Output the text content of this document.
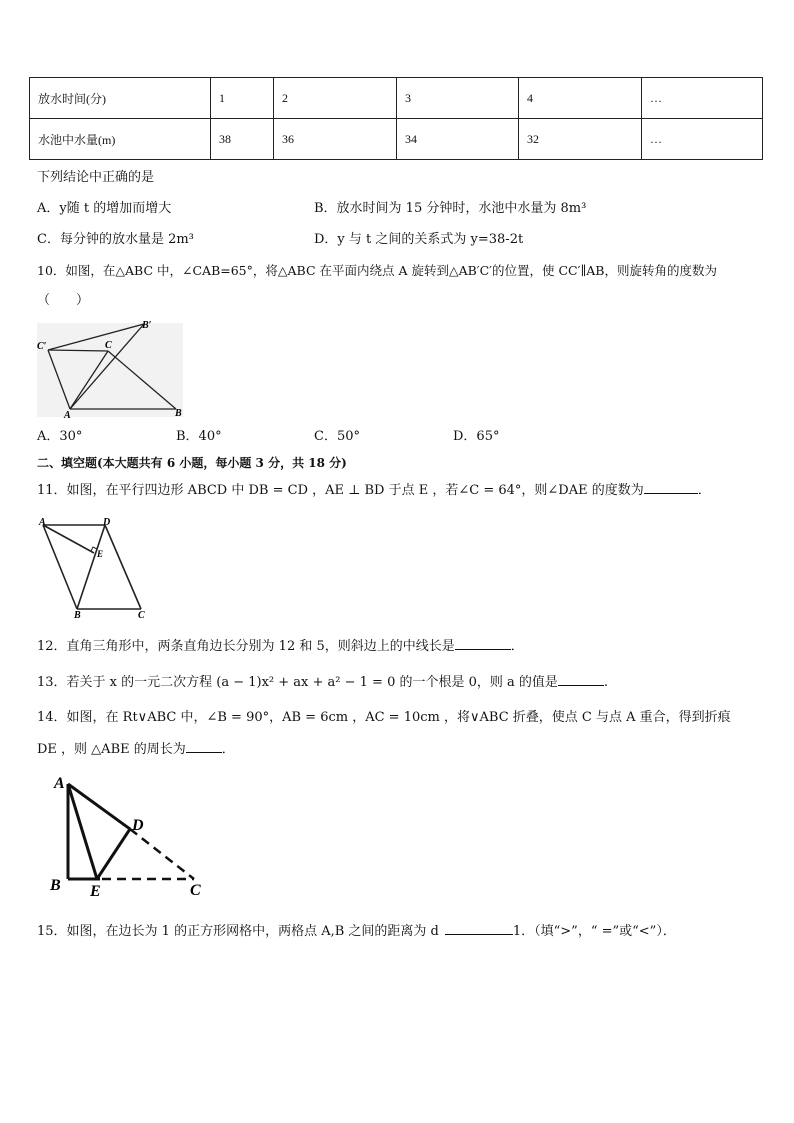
放水时间(分)	1	2	3	4	…
水池中水量(m)	38	36	34	32	…
下列结论中正确的是
A．y随 t 的增加而增大	B．放水时间为 15 分钟时，水池中水量为 8m³
C．每分钟的放水量是 2m³	D．y 与 t 之间的关系式为 y=38-2t
10．如图，在△ABC 中，∠CAB=65°，将△ABC 在平面内绕点 A 旋转到△AB′C′的位置，使 CC′∥AB，则旋转角的度数为
（　　）
A	B
C
B′
C′
A．30°	B．40°	C．50°	D．65°
二、填空题(本大题共有 6 小题，每小题 3 分，共 18 分)
11．如图，在平行四边形 ABCD 中 DB = CD ，AE ⊥ BD 于点 E ，若∠C = 64°，则∠DAE 的度数为	．
A	D
E
B	C
12．直角三角形中，两条直角边长分别为 12 和 5，则斜边上的中线长是	．
13．若关于 x 的一元二次方程 (a − 1)x² + ax + a² − 1 = 0 的一个根是 0，则 a 的值是	.
14．如图，在 Rt∨ABC 中，∠B = 90°，AB = 6cm ，AC = 10cm ，将∨ABC 折叠，使点 C 与点 A 重合，得到折痕
DE ，则 △ABE 的周长为	．
A
B E
D
C
15．如图，在边长为 1 的正方形网格中，两格点 A,B 之间的距离为 d	1．（填“>”，“ =”或“<”）．
